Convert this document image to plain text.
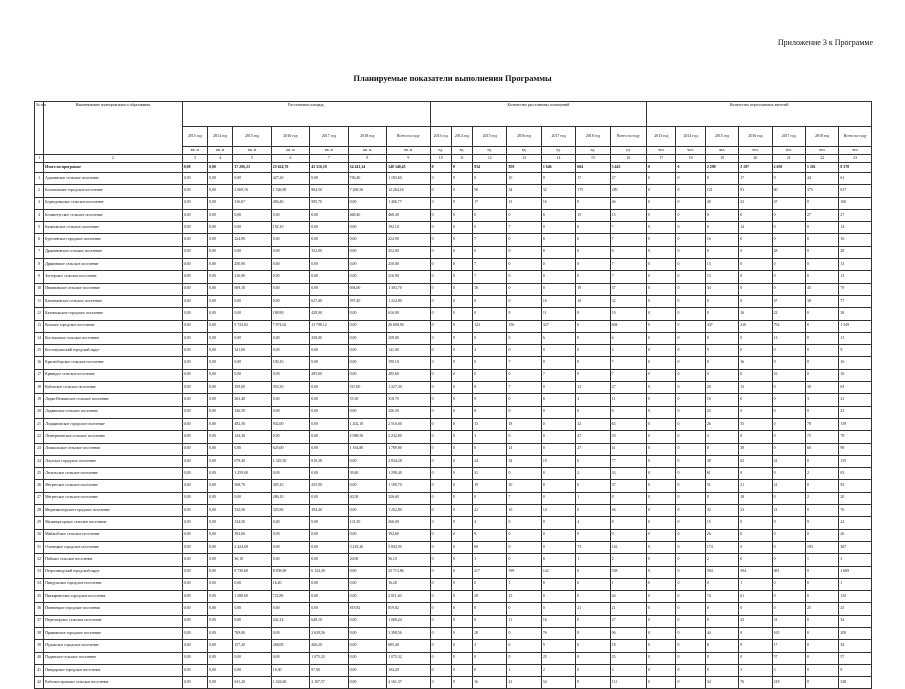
Приложение 3 к Программе
Планируемые показатели выполнения Программы
№ п/п	Наименование муниципального образования	Расселяемая площадь							Количество расселяемых помещений							Количество переселяемых жителей						
		2013 год	2014 год	2015 год	2016 год	2017 год	2018 год	Всего по году	2013 год	2014 год	2015 год	2016 год	2017 год	2018 год	Всего по году	2013 год	2014 год	2015 год	2016 год	2017 год	2018 год	Всего по году
		кв. м	кв. м	кв. м	кв. м	кв. м	кв. м	кв. м	ед.	ед.	ед.	ед.	ед.	ед.	ед.	чел.	чел.	чел.	чел.	чел.	чел.	чел.
1	2	3	4	5	6	7	8	9	10	11	12	13	14	15	16	17	18	19	20	21	22	23
	Итого по программе	0,00	0,00	37 206,23	25 624,70	42 316,18	34 241,34	140 340,45	0	0	934	859	1 646	604	3 443	0	0	2 298	2 187	2 650	1 261	8 378
1	Адашевское сельское поселение	0,00	0,00	0,00	427,20	0,00	756,40	1 183,60	0	0	0	10	0	17	27	0	0	0	17	0	44	61
2	Болошовское городское поселение	0,00	0,00	2 669,10	1 526,90	864,50	7 269,56	12 264,16	0	0	58	34	32	175	289	0	0	121	81	60	375	617
3	Беднодемьское сельское поселение	0,00	0,00	316,67	494,40	595,70	0,00	1 406,77	0	0	17	13	16	0	46	0	0	30	23	47	0	100
4	Безмиттугское сельское поселение	0,00	0,00	0,00	0,00	0,00	468,40	468,40	0	0	0	0	0	15	15	0	0	0	0	0	27	27
5	Бязановское сельское поселение	0,00	0,00	0,00	192,10	0,00	0,00	192,10	0	0	0	7	0	0	7	0	0	0	14	0	0	14
6	Буртоевское городское поселение	0,00	0,00	224,90	0,00	0,00	0,00	224,90	0	0	7	0	0	0	7	0	0	16	0	0	0	16
7	Драмановское сельское поселение	0,00	0,00	0,00	0,00	352,00	0,00	352,00	0	0	0	0	8	0	8	0	0	0	0	28	0	28
8	Дрямовское сельское поселение	0,00	0,00	250,00	0,00	0,00	0,00	250,00	0	0	7	0	0	0	7	0	0	13	0	0	0	13
9	Застерское сельское поселение	0,00	0,00	216,90	0,00	0,00	0,00	216,90	0	0	7	0	0	0	7	0	0	13	0	0	0	13
10	Ивиановское сельское поселение	0,00	0,00	609,10	0,00	0,00	694,60	1 303,70	0	0	18	0	0	19	37	0	0	34	0	0	45	79
11	Камзамовское сельское поселение	0,00	0,00	0,00	0,00	627,40	597,40	1 224,80	0	0	0	0	16	16	32	0	0	0	0	47	30	77
12	Калевальское городское поселение	0,00	0,00	0,00	188,90	428,00	0,00	616,90	0	0	0	8	11	0	19	0	0	0	16	22	0	38
13	Комское городское поселение	0,00	0,00	5 724,82	7 874,62	13 798,12	0,00	26 608,56	0	0	123	156	327	0	604	0	0	347	410	792	0	1 549
14	Костышское сельское поселение	0,00	0,00	0,00	0,00	258,00	0,00	258,00	0	0	0	0	6	0	6	0	0	0	0	13	0	13
15	Костомукшский городской округ	0,00	0,00	141,00	0,00	0,00	0,00	141,00	0	0	4	0	0	0	4	0	0	9	0	0	0	9
16	Красноборское сельское поселение	0,00	0,00	0,00	190,10	0,00	0,00	190,10	0	0	0	7	0	0	7	0	0	0	16	0	0	16
17	Кравидое сельское поселение	0,00	0,00	0,00	0,00	285,60	0,00	285,60	0	0	0	0	7	0	7	0	0	0	0	16	0	16
18	Кубовское сельское поселение	0,00	0,00	359,00	353,30	0,00	515,00	1 227,30	0	0	8	7	0	12	27	0	0	20	13	0	30	63
19	Ладва-Веткинское сельское поселение	0,00	0,00	263,40	0,00	0,00	55,30	318,70	0	0	9	0	0	2	11	0	0	18	0	0	3	21
20	Ладвинское сельское поселение	0,00	0,00	326,50	0,00	0,00	0,00	326,50	0	0	8	0	0	0	8	0	0	23	0	0	0	23
21	Лоидыновское городское поселение	0,00	0,00	482,50	832,00	0,00	1 202,10	2 516,60	0	0	13	18	0	32	63	0	0	26	55	0	78	159
22	Летнереченское сельское поселение	0,00	0,00	144,30	0,00	0,00	2 088,50	2 232,80	0	0	3	0	0	47	50	0	0	3	0	0	75	78
23	Лоимальское сельское поселение	0,00	0,00	0,00	625,00	0,00	1 164,80	1 789,80	0	0	0	14	0	27	41	0	0	0	38	0	60	98
24	Лоухское городское поселение	0,00	0,00	679,40	1 325,50	810,38	0,00	2 834,28	0	0	24	34	19	0	77	0	0	38	62	41	0	135
25	Лесильское сельское поселение	0,00	0,00	1 259,00	0,00	0,00	39,40	1 298,40	0	0	31	0	0	2	33	0	0	61	0	0	2	63
26	Мегрегское сельское поселение	0,00	0,00	568,70	305,10	235,90	0,00	1 109,70	0	0	19	10	8	0	37	0	0	51	21	21	0	93
27	Мегрегское сельское поселение	0,00	0,00	0,00	286,10	0,00	40,50	326,60	0	0	0	7	0	1	8	0	0	0	18	0	2	20
28	Медвежьегорское городское поселение	0,00	0,00	532,50	325,90	394,40	0,00	1 252,80	0	0	22	10	14	0	46	0	0	32	23	21	0	76
29	Малиноргорское сельское поселение	0,00	0,00	134,50	0,00	0,00	131,50	266,00	0	0	4	0	0	4	8	0	0	15	0	0	9	24
30	Майлыбское сельское поселение	0,00	0,00	392,60	0,00	0,00	0,00	392,60	0	0	9	0	0	0	9	0	0	26	0	0	0	26
31	Олонецкое городское поселение	0,00	0,00	2 424,69	0,00	0,00	3 419,26	5 843,95	0	0	69	0	0	73	142	0	0	174	0	0	193	367
32	Пайское сельское поселение	0,00	0,00	36,10	0,00	0,00	20,00	56,10	0	0	1	0	0	1	2	0	0	2	0	0	1	3
33	Петрозаводский городской округ	0,00	0,00	8 730,68	8 858,69	6 124,49	0,00	23 713,86	0	0	217	199	142	0	558	0	0	594	594	481	0	1 669
34	Пиндушское городское поселение	0,00	0,00	0,00	16,20	0,00	0,00	16,20	0	0	0	1	0	0	1	0	0	0	1	0	0	1
35	Питкярантское городское поселение	0,00	0,00	1 288,60	722,80	0,00	0,00	2 011,40	0	0	29	15	0	0	44	0	0	74	61	0	0	135
36	Повенецкое городское поселение	0,00	0,00	0,00	0,00	0,00	819,82	819,82	0	0	0	0	0	21	21	0	0	0	0	0	25	25
37	Пересперское сельское поселение	0,00	0,00	0,00	432,14	648,10	0,00	1 080,24	0	0	0	11	16	0	27	0	0	0	23	31	0	54
38	Пряжинское городское поселение	0,00	0,00	769,00	0,00	2 629,56	0,00	3 398,56	0	0	20	0	76	0	96	0	0	44	0	165	0	209
39	Пудожское городское поселение	0,00	0,00	157,20	268,00	260,20	0,00	685,40	0	0	3	6	9	0	18	0	0	8	9	17	0	34
40	Паданское сельское поселение	0,00	0,00	0,00	0,00	1 075,32	0,00	1 075,32	0	0	0	0	25	0	25	0	0	0	0	57	0	57
41	Пиндарское городское поселение	0,00	0,00	0,00	16,30	87,90	0,00	104,20	0	0	0	1	2	0	3	0	0	0	5	3	0	8
42	Рабочеостровское сельское поселение	0,00	0,00	631,20	1 422,60	2 107,57	0,00	4 161,37	0	0	16	41	54	0	111	0	0	34	76	218	0	328
